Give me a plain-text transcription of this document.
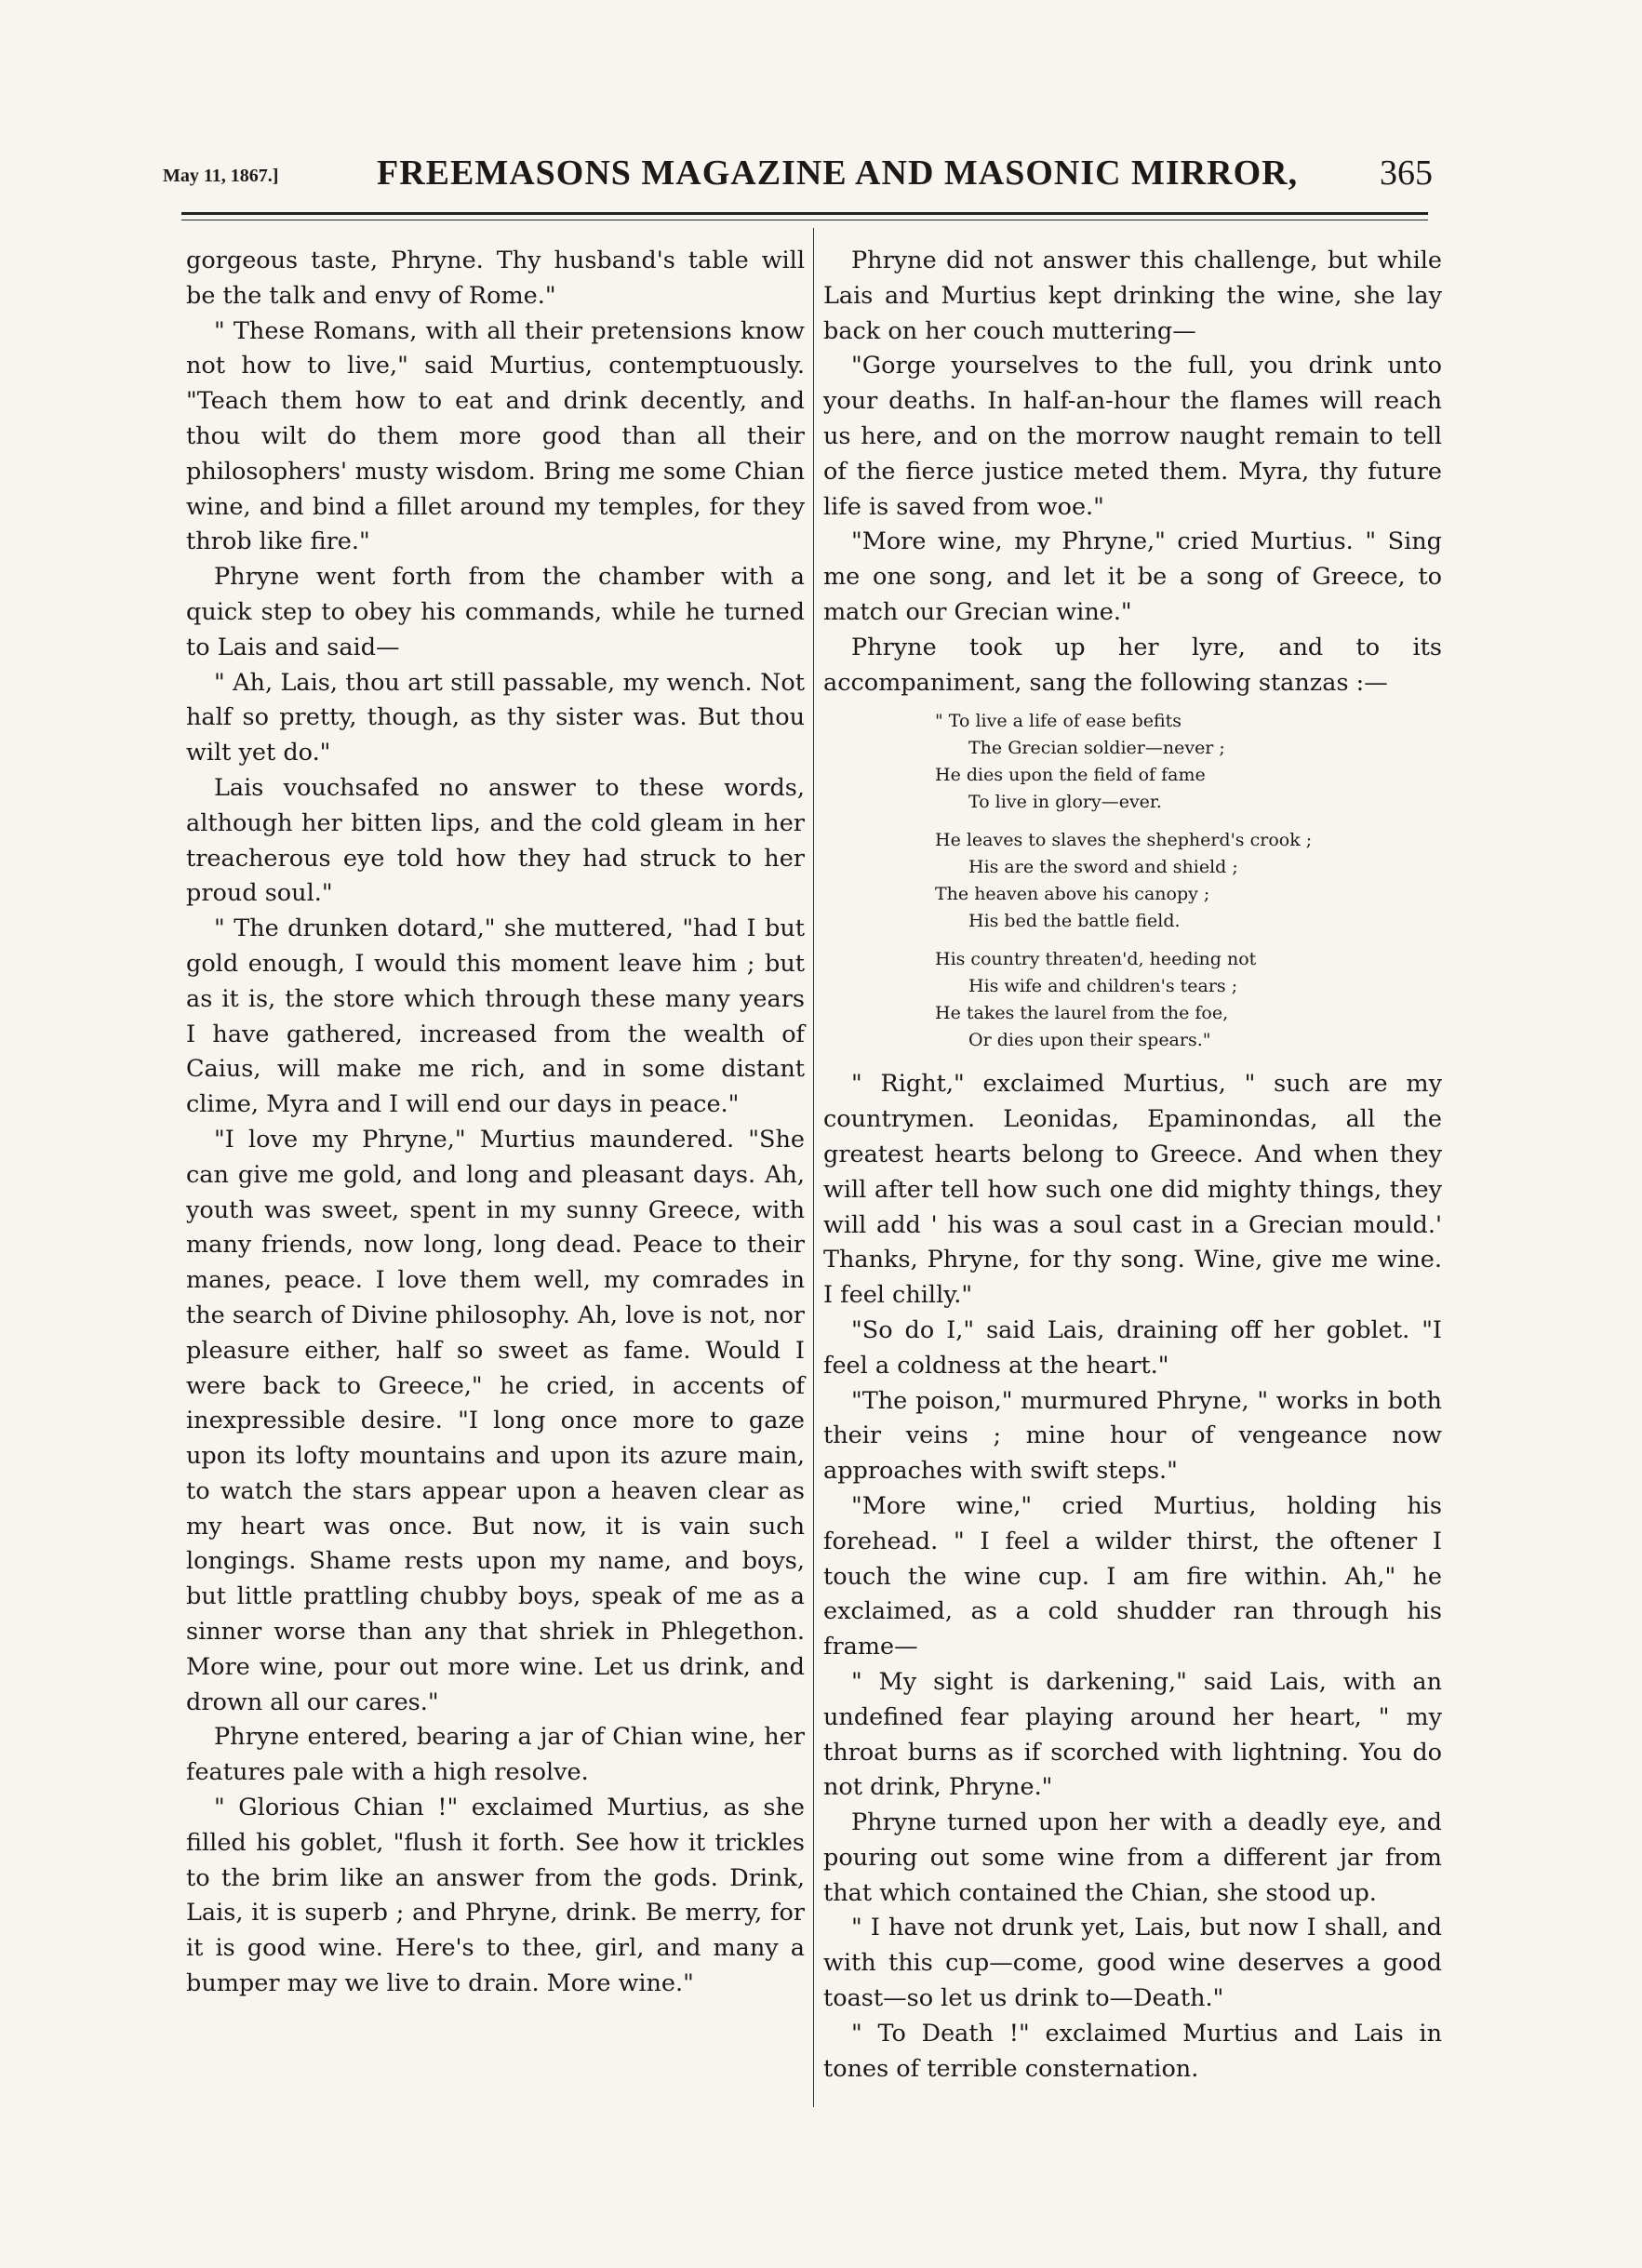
May 11, 1867.]	FREEMASONS MAGAZINE AND MASONIC MIRROR, 365

gorgeous taste, Phryne. Thy husband's table will be the talk and envy of Rome."

" These Romans, with all their pretensions know not how to live," said Murtius, contemptuously. "Teach them how to eat and drink decently, and thou wilt do them more good than all their philosophers' musty wisdom. Bring me some Chian wine, and bind a fillet around my temples, for they throb like fire."

Phryne went forth from the chamber with a quick step to obey his commands, while he turned to Lais and said—

" Ah, Lais, thou art still passable, my wench. Not half so pretty, though, as thy sister was. But thou wilt yet do."

Lais vouchsafed no answer to these words, although her bitten lips, and the cold gleam in her treacherous eye told how they had struck to her proud soul."

" The drunken dotard," she muttered, "had I but gold enough, I would this moment leave him ; but as it is, the store which through these many years I have gathered, increased from the wealth of Caius, will make me rich, and in some distant clime, Myra and I will end our days in peace."

"I love my Phryne," Murtius maundered. "She can give me gold, and long and pleasant days. Ah, youth was sweet, spent in my sunny Greece, with many friends, now long, long dead. Peace to their manes, peace. I love them well, my comrades in the search of Divine philosophy. Ah, love is not, nor pleasure either, half so sweet as fame. Would I were back to Greece," he cried, in accents of inexpressible desire. "I long once more to gaze upon its lofty mountains and upon its azure main, to watch the stars appear upon a heaven clear as my heart was once. But now, it is vain such longings. Shame rests upon my name, and boys, but little prattling chubby boys, speak of me as a sinner worse than any that shriek in Phlegethon. More wine, pour out more wine. Let us drink, and drown all our cares."

Phryne entered, bearing a jar of Chian wine, her features pale with a high resolve.

" Glorious Chian !" exclaimed Murtius, as she filled his goblet, "flush it forth. See how it trickles to the brim like an answer from the gods. Drink, Lais, it is superb ; and Phryne, drink. Be merry, for it is good wine. Here's to thee, girl, and many a bumper may we live to drain. More wine."

Phryne did not answer this challenge, but while Lais and Murtius kept drinking the wine, she lay back on her couch muttering—

"Gorge yourselves to the full, you drink unto your deaths. In half-an-hour the flames will reach us here, and on the morrow naught remain to tell of the fierce justice meted them. Myra, thy future life is saved from woe."

"More wine, my Phryne," cried Murtius. " Sing me one song, and let it be a song of Greece, to match our Grecian wine."

Phryne took up her lyre, and to its accompaniment, sang the following stanzas :—

" To live a life of ease befits
The Grecian soldier—never ;
He dies upon the field of fame
To live in glory—ever.
He leaves to slaves the shepherd's crook ;
His are the sword and shield ;
The heaven above his canopy ;
His bed the battle field.
His country threaten'd, heeding not
His wife and children's tears ;
He takes the laurel from the foe,
Or dies upon their spears."

" Right," exclaimed Murtius, " such are my countrymen. Leonidas, Epaminondas, all the greatest hearts belong to Greece. And when they will after tell how such one did mighty things, they will add ' his was a soul cast in a Grecian mould.' Thanks, Phryne, for thy song. Wine, give me wine. I feel chilly."

"So do I," said Lais, draining off her goblet. "I feel a coldness at the heart."

"The poison," murmured Phryne, " works in both their veins ; mine hour of vengeance now approaches with swift steps."

"More wine," cried Murtius, holding his forehead. " I feel a wilder thirst, the oftener I touch the wine cup. I am fire within. Ah," he exclaimed, as a cold shudder ran through his frame—

" My sight is darkening," said Lais, with an undefined fear playing around her heart, " my throat burns as if scorched with lightning. You do not drink, Phryne."

Phryne turned upon her with a deadly eye, and pouring out some wine from a different jar from that which contained the Chian, she stood up.

" I have not drunk yet, Lais, but now I shall, and with this cup—come, good wine deserves a good toast—so let us drink to—Death."

" To Death !" exclaimed Murtius and Lais in tones of terrible consternation.
